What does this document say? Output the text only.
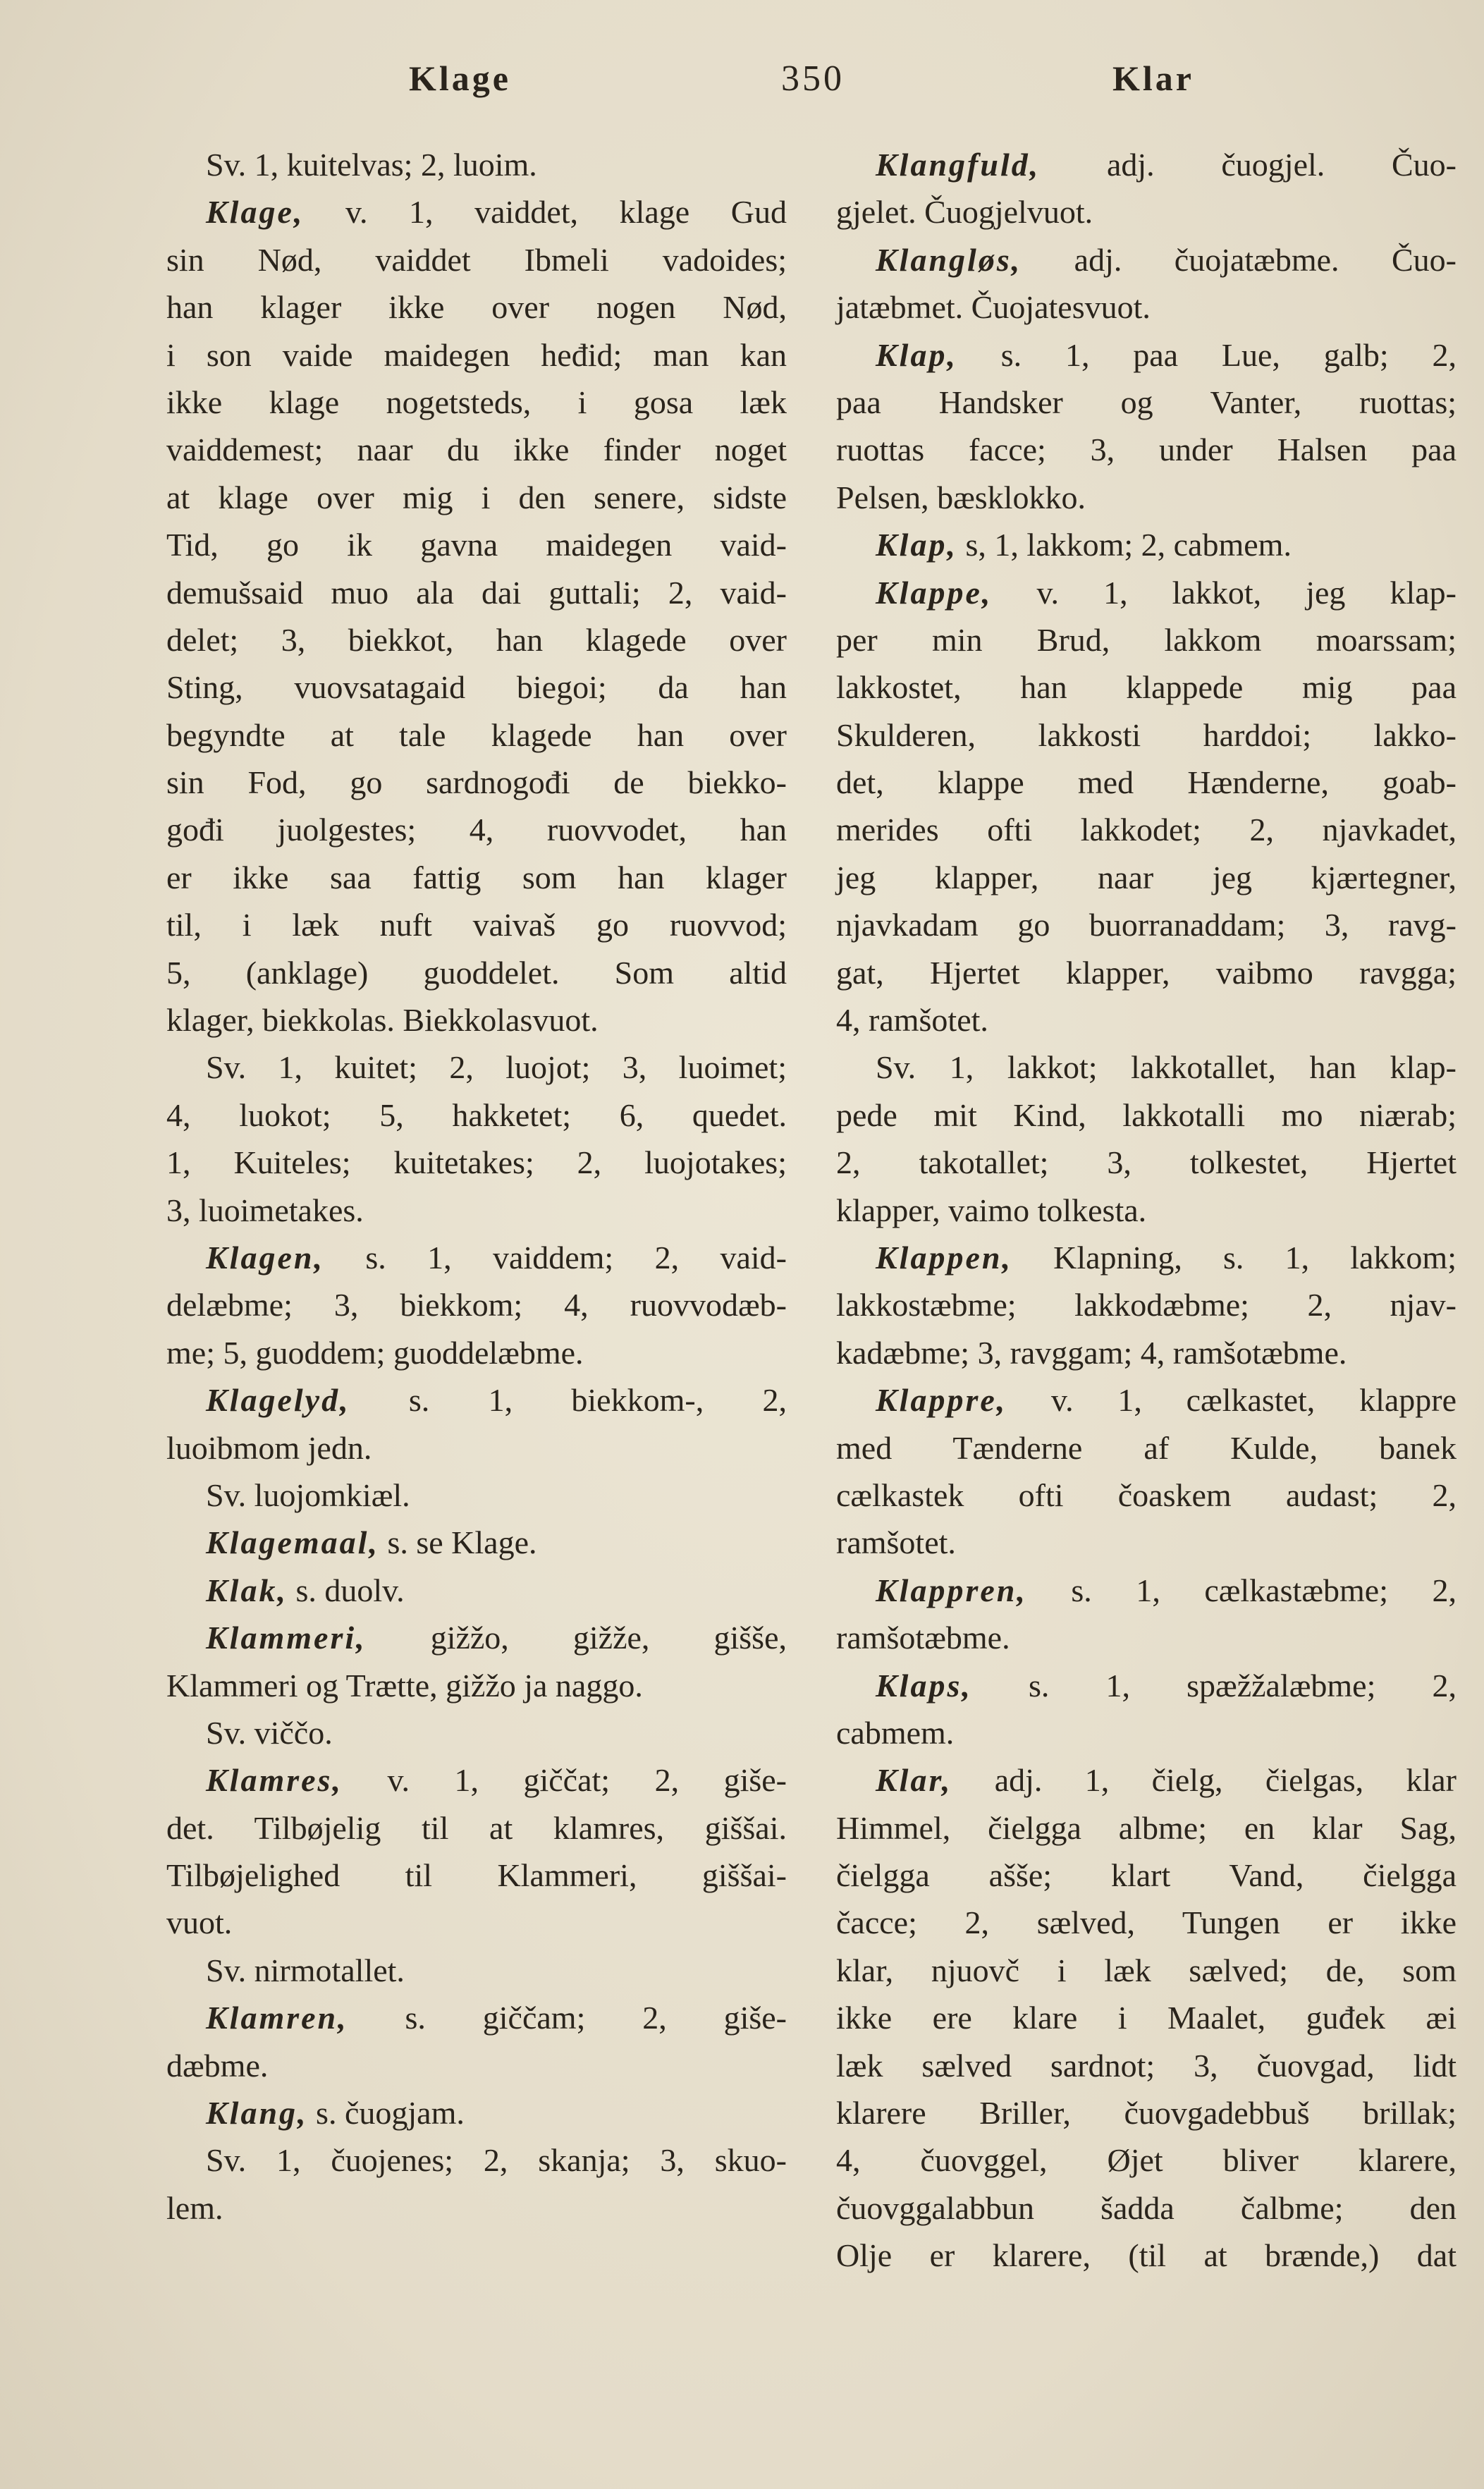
Klage	350	Klar
Sv. 1, kuitelvas; 2, luoim.
Klage, v. 1, vaiddet, klage Gud
sin Nød, vaiddet Ibmeli vadoides;
han klager ikke over nogen Nød,
i son vaide maidegen heđid; man kan
ikke klage nogetsteds, i gosa læk
vaiddemest; naar du ikke finder noget
at klage over mig i den senere, sidste
Tid, go ik gavna maidegen vaid-
demušsaid muo ala dai guttali; 2, vaid-
delet; 3, biekkot, han klagede over
Sting, vuovsatagaid biegoi; da han
begyndte at tale klagede han over
sin Fod, go sardnogođi de biekko-
gođi juolgestes; 4, ruovvodet, han
er ikke saa fattig som han klager
til, i læk nuft vaivaš go ruovvod;
5, (anklage) guoddelet. Som altid
klager, biekkolas. Biekkolasvuot.
Sv. 1, kuitet; 2, luojot; 3, luoimet;
4, luokot; 5, hakketet; 6, quedet.
1, Kuiteles; kuitetakes; 2, luojotakes;
3, luoimetakes.
Klagen, s. 1, vaiddem; 2, vaid-
delæbme; 3, biekkom; 4, ruovvodæb-
me; 5, guoddem; guoddelæbme.
Klagelyd, s. 1, biekkom-, 2,
luoibmom jedn.
Sv. luojomkiæl.
Klagemaal, s. se Klage.
Klak, s. duolv.
Klammeri, gižžo, gižže, gišše,
Klammeri og Trætte, gižžo ja naggo.
Sv. viččo.
Klamres, v. 1, giččat; 2, giše-
det. Tilbøjelig til at klamres, giššai.
Tilbøjelighed til Klammeri, giššai-
vuot.
Sv. nirmotallet.
Klamren, s. giččam; 2, giše-
dæbme.
Klang, s. čuogjam.
Sv. 1, čuojenes; 2, skanja; 3, skuo-
lem.
Klangfuld, adj. čuogjel. Čuo-
gjelet. Čuogjelvuot.
Klangløs, adj. čuojatæbme. Čuo-
jatæbmet. Čuojatesvuot.
Klap, s. 1, paa Lue, galb; 2,
paa Handsker og Vanter, ruottas;
ruottas facce; 3, under Halsen paa
Pelsen, bæsklokko.
Klap, s, 1, lakkom; 2, cabmem.
Klappe, v. 1, lakkot, jeg klap-
per min Brud, lakkom moarssam;
lakkostet, han klappede mig paa
Skulderen, lakkosti harddoi; lakko-
det, klappe med Hænderne, goab-
merides ofti lakkodet; 2, njavkadet,
jeg klapper, naar jeg kjærtegner,
njavkadam go buorranaddam; 3, ravg-
gat, Hjertet klapper, vaibmo ravgga;
4, ramšotet.
Sv. 1, lakkot; lakkotallet, han klap-
pede mit Kind, lakkotalli mo niærab;
2, takotallet; 3, tolkestet, Hjertet
klapper, vaimo tolkesta.
Klappen, Klapning, s. 1, lakkom;
lakkostæbme; lakkodæbme; 2, njav-
kadæbme; 3, ravggam; 4, ramšotæbme.
Klappre, v. 1, cælkastet, klappre
med Tænderne af Kulde, banek
cælkastek ofti čoaskem audast; 2,
ramšotet.
Klappren, s. 1, cælkastæbme; 2,
ramšotæbme.
Klaps, s. 1, spæžžalæbme; 2,
cabmem.
Klar, adj. 1, čielg, čielgas, klar
Himmel, čielgga albme; en klar Sag,
čielgga ašše; klart Vand, čielgga
čacce; 2, sælved, Tungen er ikke
klar, njuovč i læk sælved; de, som
ikke ere klare i Maalet, guđek æi
læk sælved sardnot; 3, čuovgad, lidt
klarere Briller, čuovgadebbuš brillak;
4, čuovggel, Øjet bliver klarere,
čuovggalabbun šadda čalbme; den
Olje er klarere, (til at brænde,) dat
